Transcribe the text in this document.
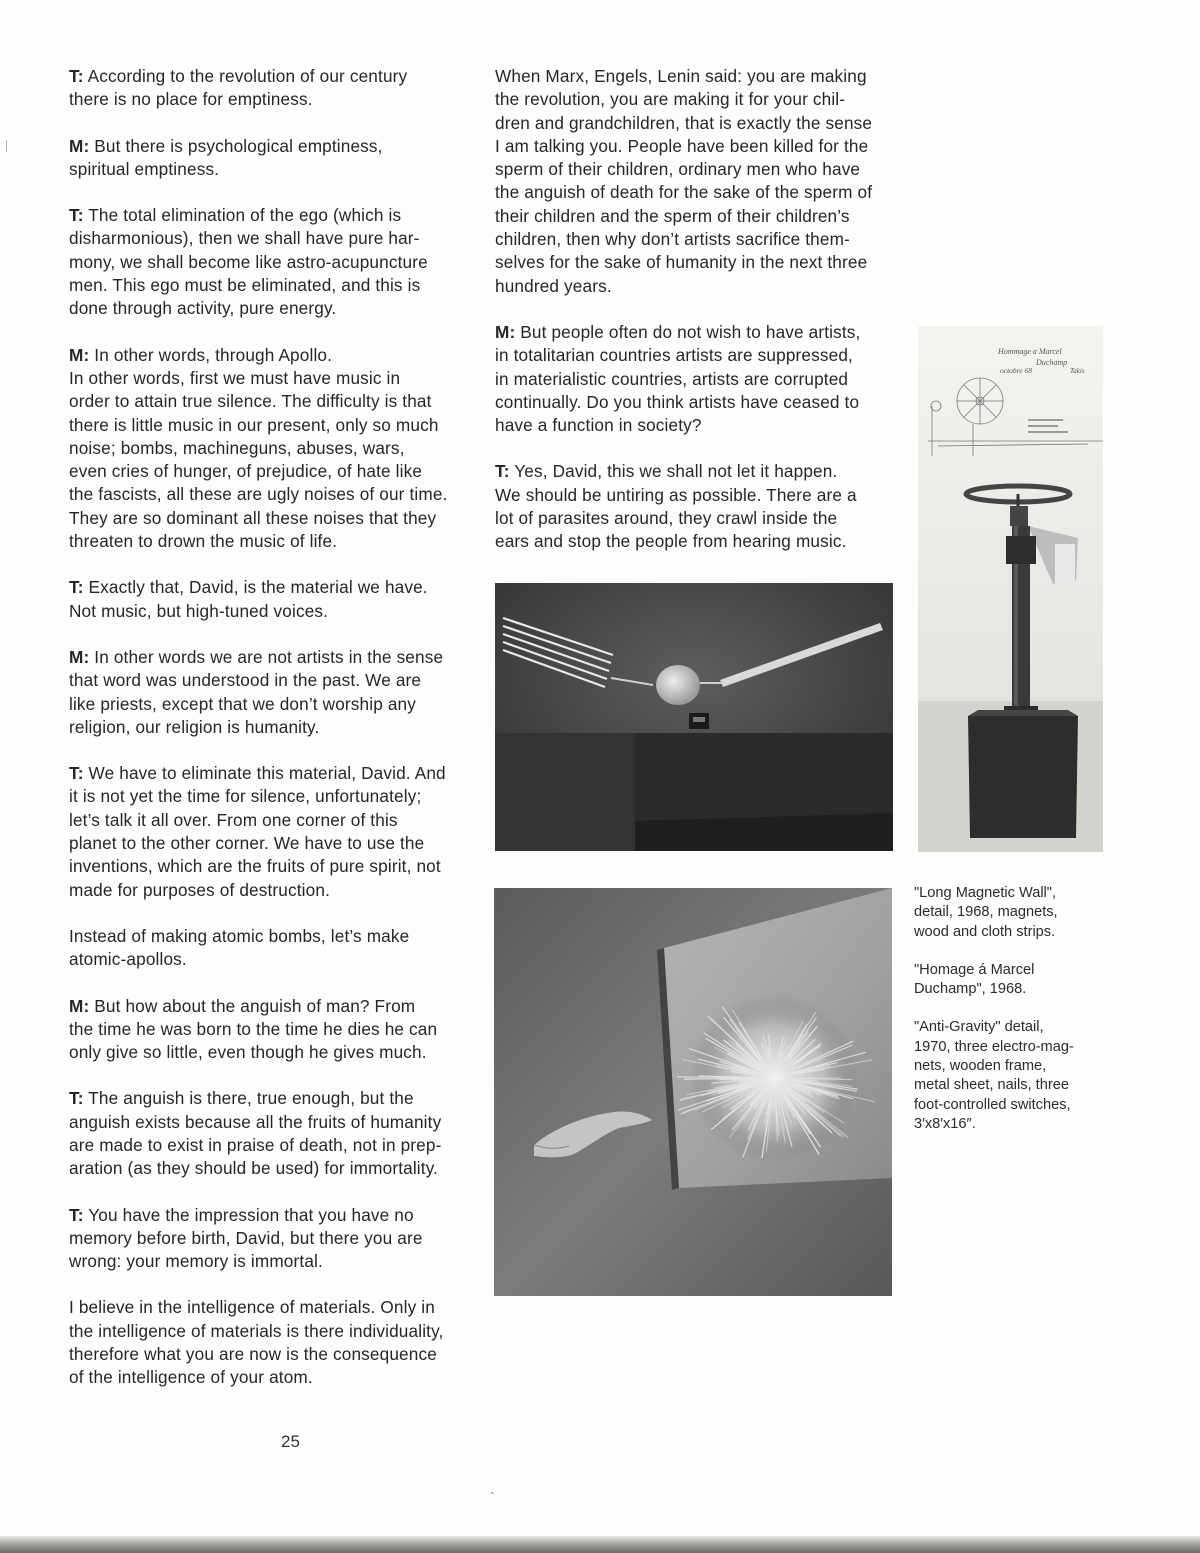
T: According to the revolution of our century
there is no place for emptiness.

M: But there is psychological emptiness,
spiritual emptiness.

T: The total elimination of the ego (which is
disharmonious), then we shall have pure har-
mony, we shall become like astro-acupuncture
men. This ego must be eliminated, and this is
done through activity, pure energy.

M: In other words, through Apollo.
In other words, first we must have music in
order to attain true silence. The difficulty is that
there is little music in our present, only so much
noise; bombs, machineguns, abuses, wars,
even cries of hunger, of prejudice, of hate like
the fascists, all these are ugly noises of our time.
They are so dominant all these noises that they
threaten to drown the music of life.

T: Exactly that, David, is the material we have.
Not music, but high-tuned voices.

M: In other words we are not artists in the sense
that word was understood in the past. We are
like priests, except that we don’t worship any
religion, our religion is humanity.

T: We have to eliminate this material, David. And
it is not yet the time for silence, unfortunately;
let’s talk it all over. From one corner of this
planet to the other corner. We have to use the
inventions, which are the fruits of pure spirit, not
made for purposes of destruction.

Instead of making atomic bombs, let’s make
atomic-apollos.

M: But how about the anguish of man? From
the time he was born to the time he dies he can
only give so little, even though he gives much.

T: The anguish is there, true enough, but the
anguish exists because all the fruits of humanity
are made to exist in praise of death, not in prep-
aration (as they should be used) for immortality.

T: You have the impression that you have no
memory before birth, David, but there you are
wrong: your memory is immortal.

I believe in the intelligence of materials. Only in
the intelligence of materials is there individuality,
therefore what you are now is the consequence
of the intelligence of your atom.

When Marx, Engels, Lenin said: you are making
the revolution, you are making it for your chil-
dren and grandchildren, that is exactly the sense
I am talking you. People have been killed for the
sperm of their children, ordinary men who have
the anguish of death for the sake of the sperm of
their children and the sperm of their children’s
children, then why don’t artists sacrifice them-
selves for the sake of humanity in the next three
hundred years.

M: But people often do not wish to have artists,
in totalitarian countries artists are suppressed,
in materialistic countries, artists are corrupted
continually. Do you think artists have ceased to
have a function in society?

T: Yes, David, this we shall not let it happen.
We should be untiring as possible. There are a
lot of parasites around, they crawl inside the
ears and stop the people from hearing music.

Hommage a Marcel
Duchamp
octobre 68	Takis

"Long Magnetic Wall",
detail, 1968, magnets,
wood and cloth strips.

"Homage á Marcel
Duchamp", 1968.

"Anti-Gravity" detail,
1970, three electro-mag-
nets, wooden frame,
metal sheet, nails, three
foot-controlled switches,
3′x8′x16″.

25
`
